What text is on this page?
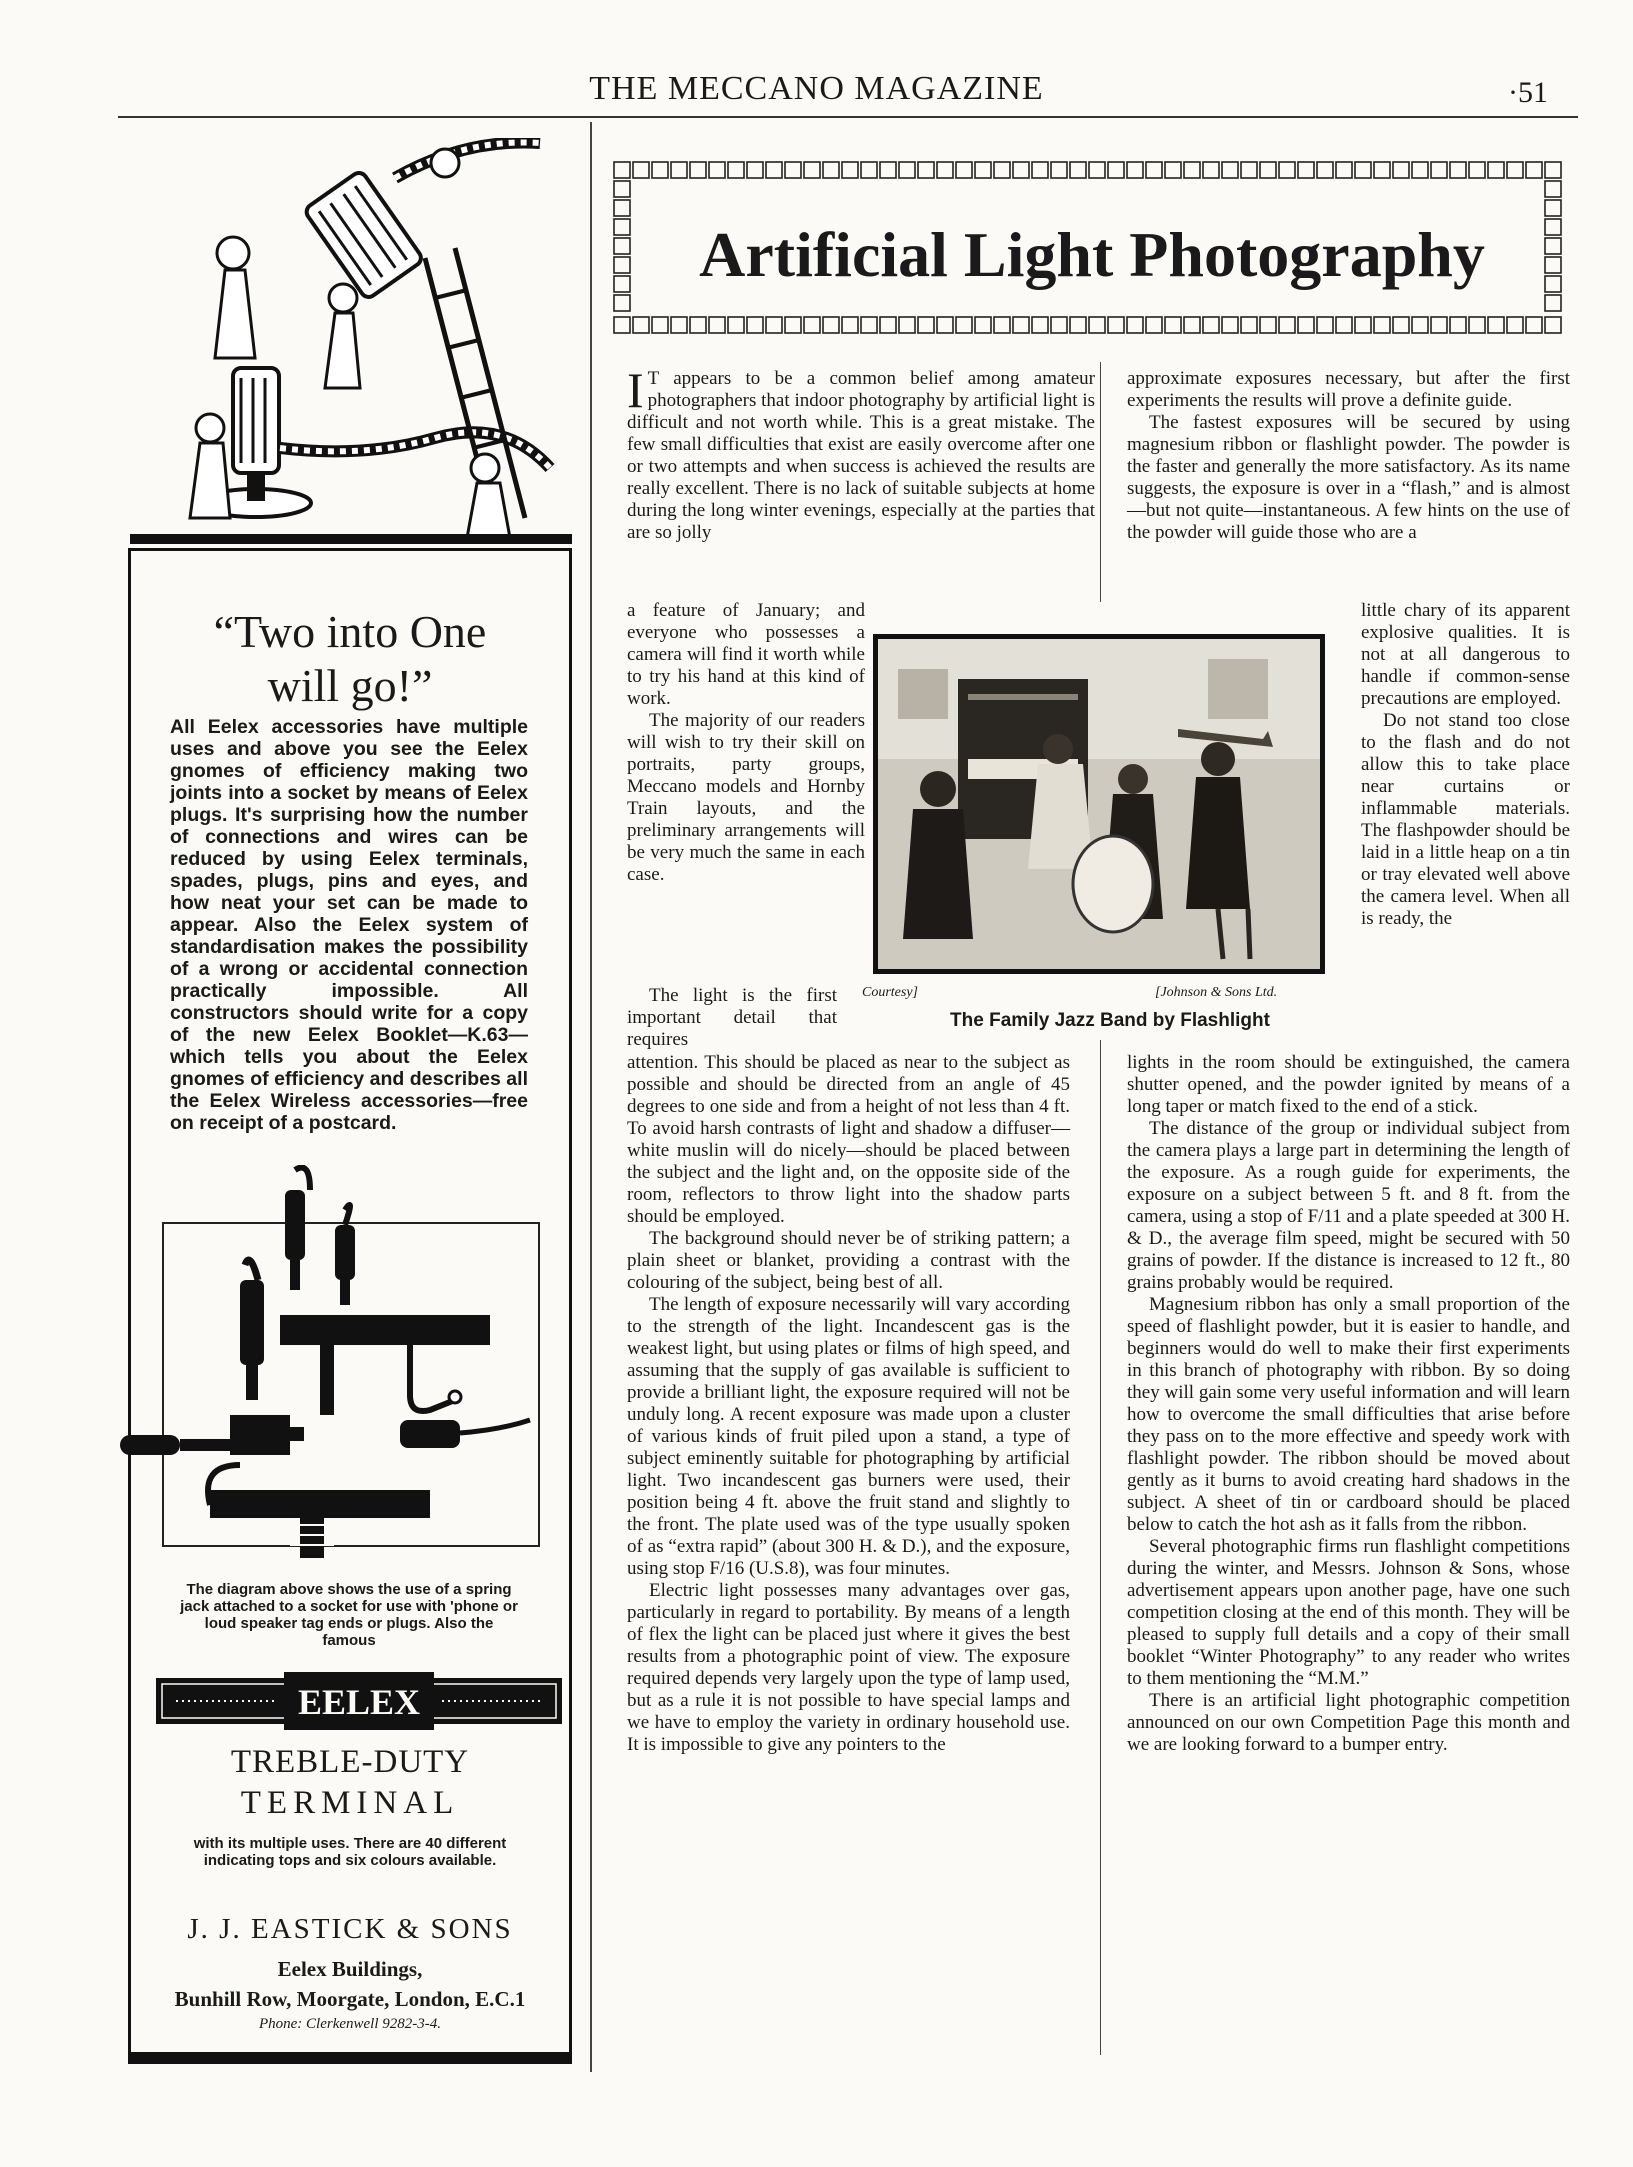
THE MECCANO MAGAZINE	·51
“Two into One
will go!”
All Eelex accessories have multiple uses and above you see the Eelex gnomes of efficiency making two joints into a socket by means of Eelex plugs. It's surprising how the number of connections and wires can be reduced by using Eelex terminals, spades, plugs, pins and eyes, and how neat your set can be made to appear. Also the Eelex system of standardisation makes the possibility of a wrong or accidental connection practically impossible. All constructors should write for a copy of the new Eelex Booklet—K.63—which tells you about the Eelex gnomes of efficiency and describes all the Eelex Wireless accessories—free on receipt of a postcard.
The diagram above shows the use of a spring jack attached to a socket for use with 'phone or loud speaker tag ends or plugs. Also the famous
EELEX
TREBLE-DUTY
TERMINAL
with its multiple uses. There are 40 different indicating tops and six colours available.
J. J. EASTICK & SONS
Eelex Buildings,
Bunhill Row, Moorgate, London, E.C.1
Phone: Clerkenwell 9282-3-4.
Artificial Light Photography
I T appears to be a common belief among amateur photographers that indoor photography by artificial light is difficult and not worth while. This is a great mistake. The few small difficulties that exist are easily overcome after one or two attempts and when success is achieved the results are really excellent. There is no lack of suitable subjects at home during the long winter evenings, especially at the parties that are so jolly

a feature of January; and everyone who possesses a camera will find it worth while to try his hand at this kind of work.

The majority of our readers will wish to try their skill on portraits, party groups, Meccano models and Hornby Train layouts, and the preliminary arrangements will be very much the same in each case.

The light is the first important detail that requires

attention. This should be placed as near to the subject as possible and should be directed from an angle of 45 degrees to one side and from a height of not less than 4 ft. To avoid harsh contrasts of light and shadow a diffuser—white muslin will do nicely—should be placed between the subject and the light and, on the opposite side of the room, reflectors to throw light into the shadow parts should be employed.

The background should never be of striking pattern; a plain sheet or blanket, providing a contrast with the colouring of the subject, being best of all.

The length of exposure necessarily will vary according to the strength of the light. Incandescent gas is the weakest light, but using plates or films of high speed, and assuming that the supply of gas available is sufficient to provide a brilliant light, the exposure required will not be unduly long. A recent exposure was made upon a cluster of various kinds of fruit piled upon a stand, a type of subject eminently suitable for photographing by artificial light. Two incandescent gas burners were used, their position being 4 ft. above the fruit stand and slightly to the front. The plate used was of the type usually spoken of as “extra rapid” (about 300 H. & D.), and the exposure, using stop F/16 (U.S.8), was four minutes.

Electric light possesses many advantages over gas, particularly in regard to portability. By means of a length of flex the light can be placed just where it gives the best results from a photographic point of view. The exposure required depends very largely upon the type of lamp used, but as a rule it is not possible to have special lamps and we have to employ the variety in ordinary household use. It is impossible to give any pointers to the

approximate exposures necessary, but after the first experiments the results will prove a definite guide.

The fastest exposures will be secured by using magnesium ribbon or flashlight powder. The powder is the faster and generally the more satisfactory. As its name suggests, the exposure is over in a “flash,” and is almost—but not quite—instantaneous. A few hints on the use of the powder will guide those who are a

little chary of its apparent explosive qualities. It is not at all dangerous to handle if common-sense precautions are employed.

Do not stand too close to the flash and do not allow this to take place near curtains or inflammable materials. The flashpowder should be laid in a little heap on a tin or tray elevated well above the camera level. When all is ready, the

Courtesy]	[Johnson & Sons Ltd.
The Family Jazz Band by Flashlight

lights in the room should be extinguished, the camera shutter opened, and the powder ignited by means of a long taper or match fixed to the end of a stick.

The distance of the group or individual subject from the camera plays a large part in determining the length of the exposure. As a rough guide for experiments, the exposure on a subject between 5 ft. and 8 ft. from the camera, using a stop of F/11 and a plate speeded at 300 H. & D., the average film speed, might be secured with 50 grains of powder. If the distance is increased to 12 ft., 80 grains probably would be required.

Magnesium ribbon has only a small proportion of the speed of flashlight powder, but it is easier to handle, and beginners would do well to make their first experiments in this branch of photography with ribbon. By so doing they will gain some very useful information and will learn how to overcome the small difficulties that arise before they pass on to the more effective and speedy work with flashlight powder. The ribbon should be moved about gently as it burns to avoid creating hard shadows in the subject. A sheet of tin or cardboard should be placed below to catch the hot ash as it falls from the ribbon.

Several photographic firms run flashlight competitions during the winter, and Messrs. Johnson & Sons, whose advertisement appears upon another page, have one such competition closing at the end of this month. They will be pleased to supply full details and a copy of their small booklet “Winter Photography” to any reader who writes to them mentioning the “M.M.”

There is an artificial light photographic competition announced on our own Competition Page this month and we are looking forward to a bumper entry.
